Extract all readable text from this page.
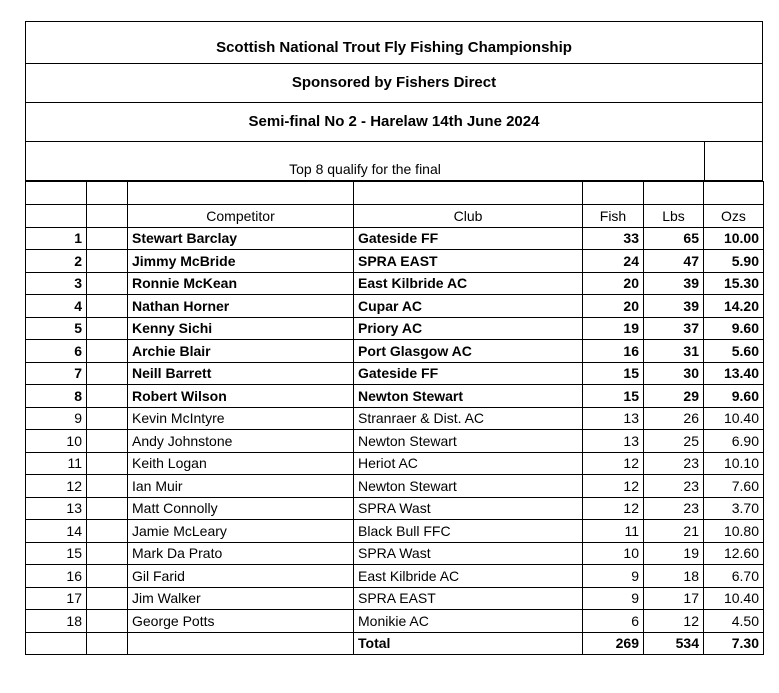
Scottish National Trout Fly Fishing Championship
Sponsored by Fishers Direct
Semi-final No 2 - Harelaw 14th June 2024
Top 8 qualify for the final

		Competitor	Club	Fish	Lbs	Ozs
1		Stewart Barclay	Gateside FF	33	65	10.00
2		Jimmy McBride	SPRA EAST	24	47	5.90
3		Ronnie McKean	East Kilbride AC	20	39	15.30
4		Nathan Horner	Cupar AC	20	39	14.20
5		Kenny Sichi	Priory AC	19	37	9.60
6		Archie Blair	Port Glasgow AC	16	31	5.60
7		Neill Barrett	Gateside FF	15	30	13.40
8		Robert Wilson	Newton Stewart	15	29	9.60
9		Kevin McIntyre	Stranraer & Dist. AC	13	26	10.40
10		Andy Johnstone	Newton Stewart	13	25	6.90
11		Keith Logan	Heriot AC	12	23	10.10
12		Ian Muir	Newton Stewart	12	23	7.60
13		Matt Connolly	SPRA Wast	12	23	3.70
14		Jamie McLeary	Black Bull FFC	11	21	10.80
15		Mark Da Prato	SPRA Wast	10	19	12.60
16		Gil Farid	East Kilbride AC	9	18	6.70
17		Jim Walker	SPRA EAST	9	17	10.40
18		George Potts	Monikie AC	6	12	4.50
			Total	269	534	7.30
